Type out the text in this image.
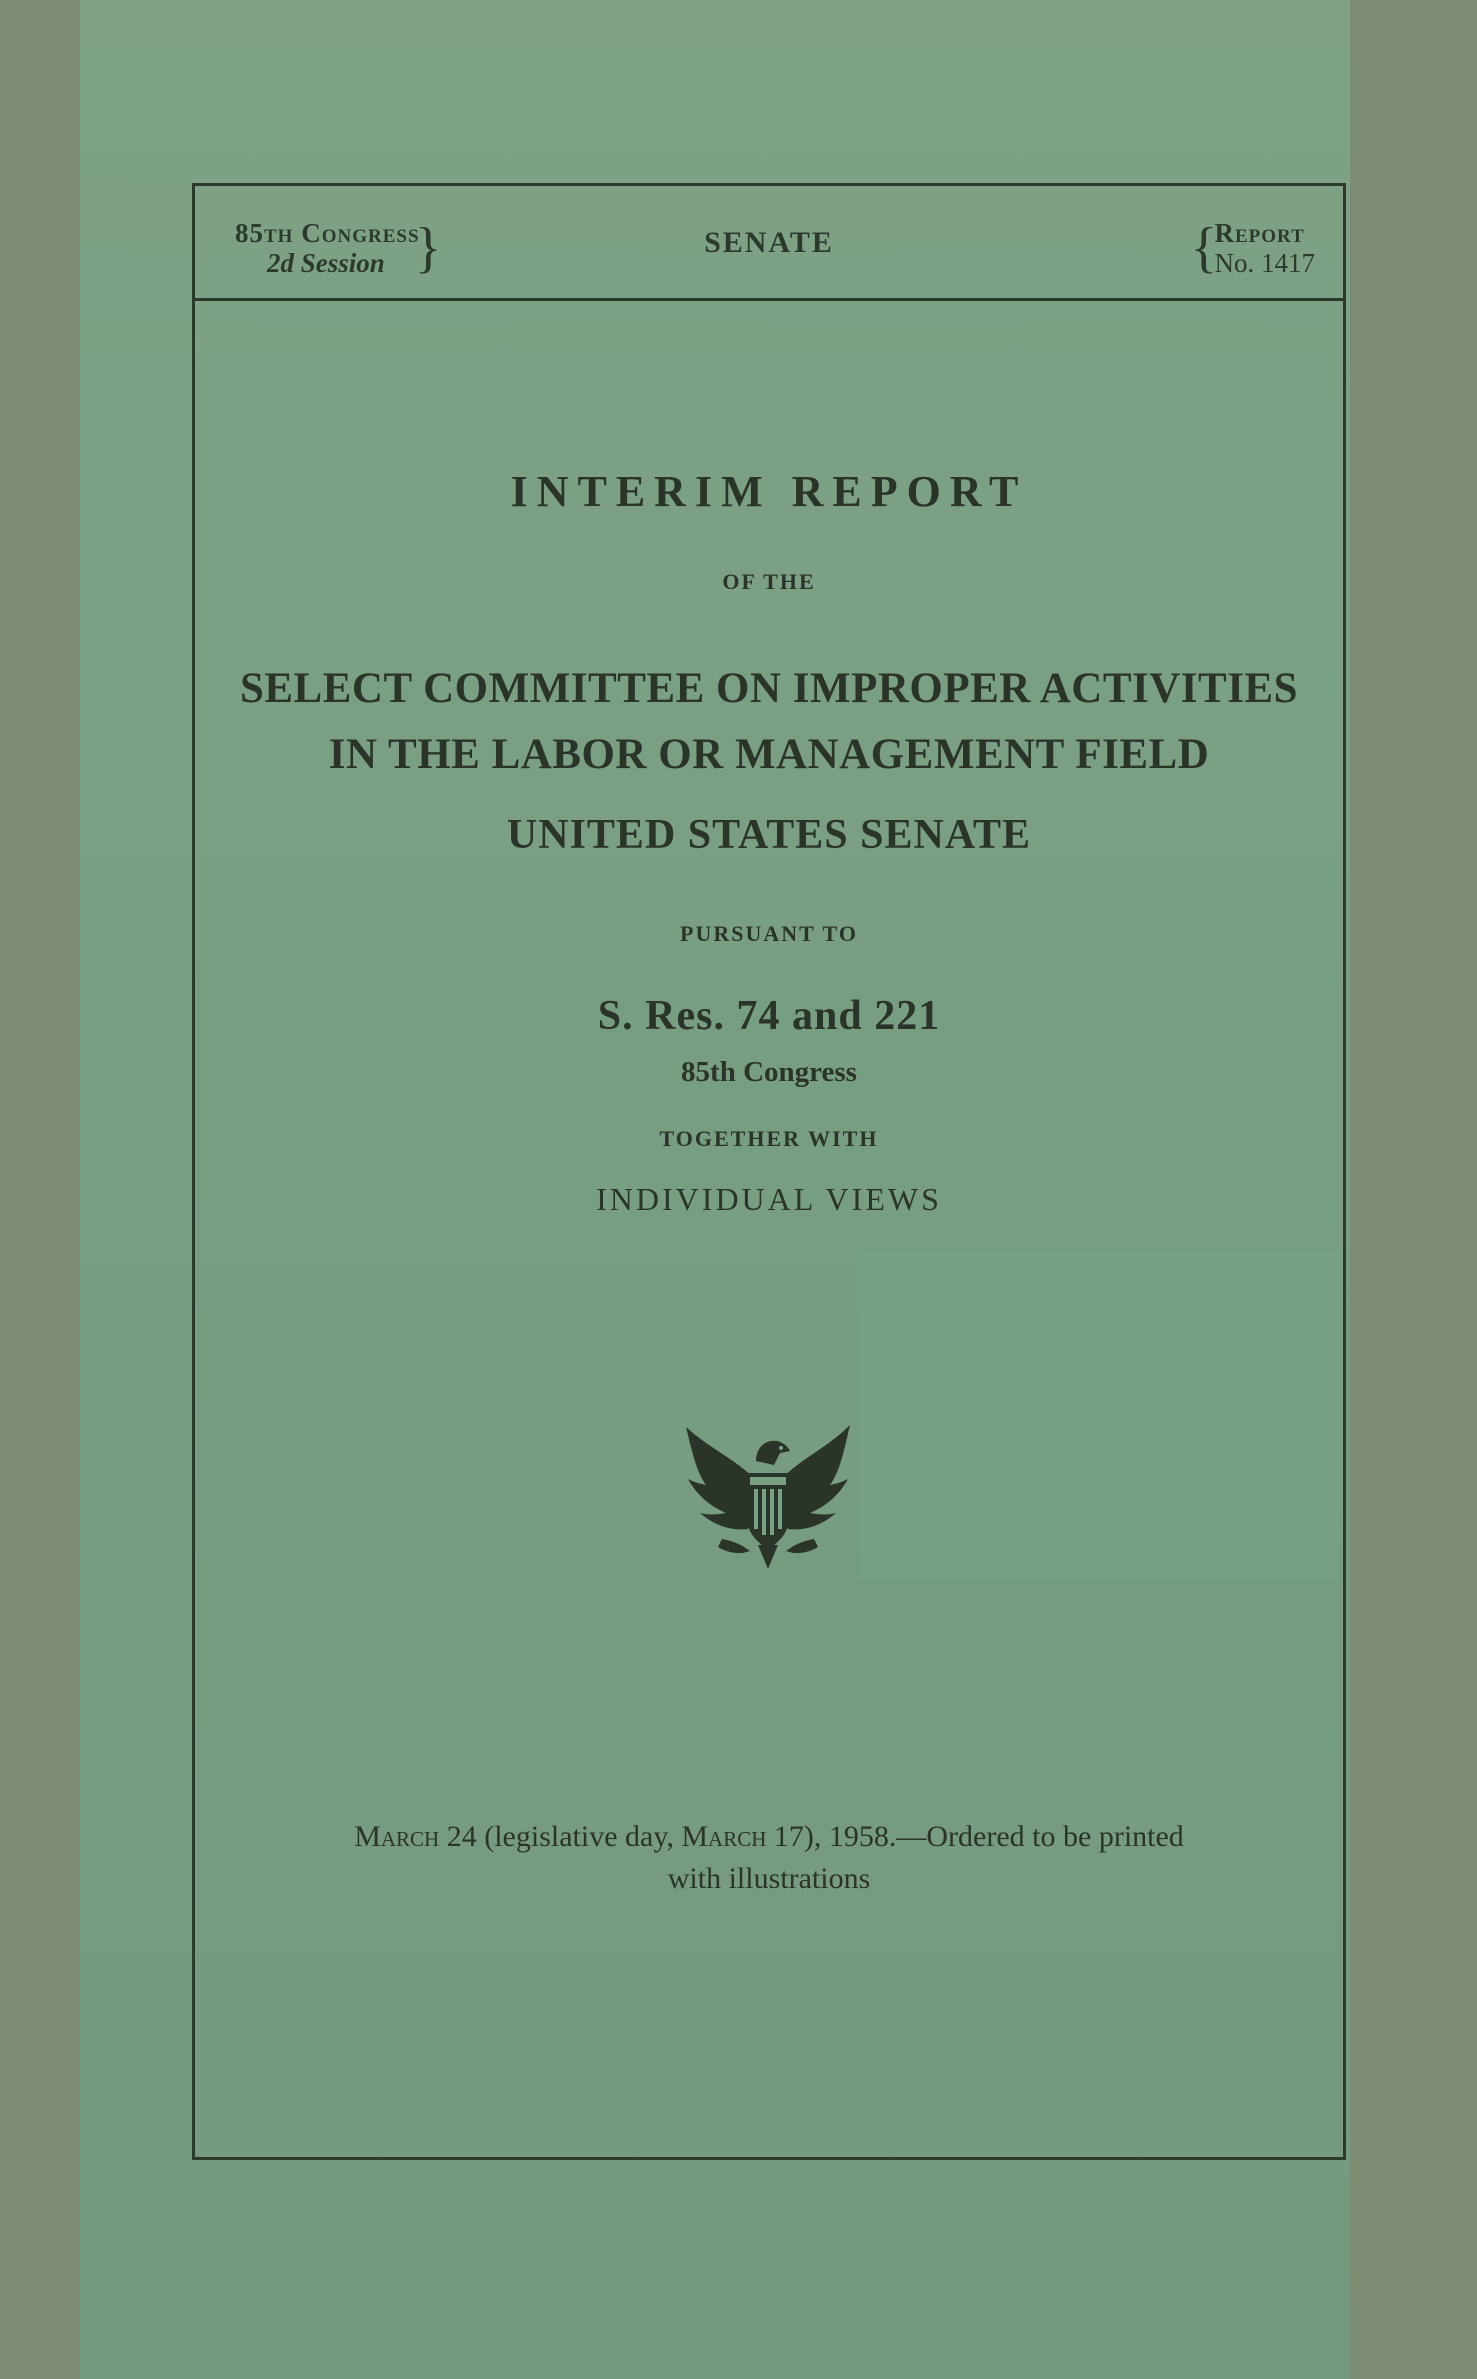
85th Congress
2d Session }	SENATE	{
Report
No. 1417
INTERIM REPORT
OF THE
SELECT COMMITTEE ON IMPROPER ACTIVITIES
IN THE LABOR OR MANAGEMENT FIELD
UNITED STATES SENATE
PURSUANT TO
S. Res. 74 and 221
85th Congress
TOGETHER WITH
INDIVIDUAL VIEWS
March 24 (legislative day, March 17), 1958.—Ordered to be printed
with illustrations
